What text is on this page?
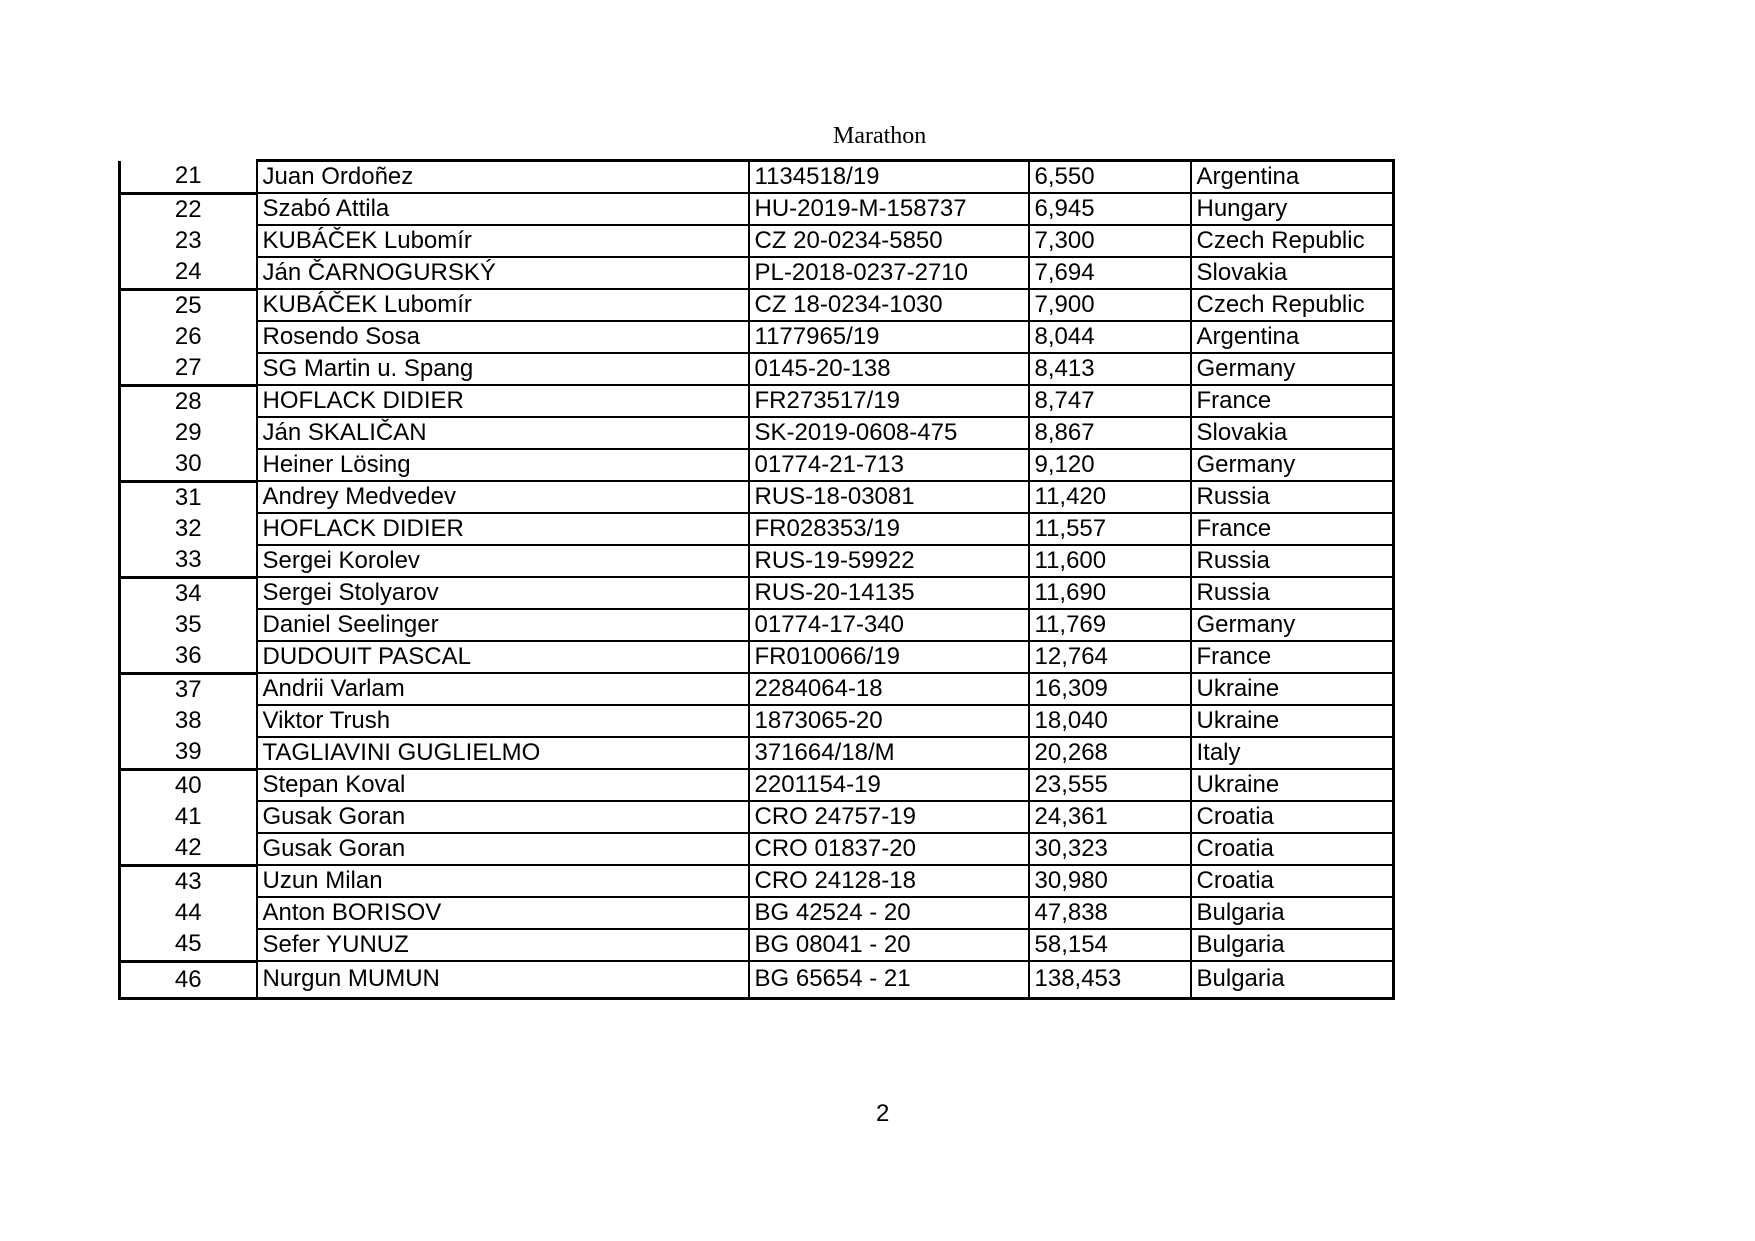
Marathon
21	Juan Ordoñez	1134518/19	6,550	Argentina
22	Szabó Attila	HU-2019-M-158737	6,945	Hungary
23	KUBÁČEK Lubomír	CZ 20-0234-5850	7,300	Czech Republic
24	Ján ČARNOGURSKÝ	PL-2018-0237-2710	7,694	Slovakia
25	KUBÁČEK Lubomír	CZ 18-0234-1030	7,900	Czech Republic
26	Rosendo Sosa	1177965/19	8,044	Argentina
27	SG Martin u. Spang	0145-20-138	8,413	Germany
28	HOFLACK DIDIER	FR273517/19	8,747	France
29	Ján SKALIČAN	SK-2019-0608-475	8,867	Slovakia
30	Heiner Lösing	01774-21-713	9,120	Germany
31	Andrey Medvedev	RUS-18-03081	11,420	Russia
32	HOFLACK DIDIER	FR028353/19	11,557	France
33	Sergei Korolev	RUS-19-59922	11,600	Russia
34	Sergei Stolyarov	RUS-20-14135	11,690	Russia
35	Daniel Seelinger	01774-17-340	11,769	Germany
36	DUDOUIT PASCAL	FR010066/19	12,764	France
37	Andrii Varlam	2284064-18	16,309	Ukraine
38	Viktor Trush	1873065-20	18,040	Ukraine
39	TAGLIAVINI GUGLIELMO	371664/18/M	20,268	Italy
40	Stepan Koval	2201154-19	23,555	Ukraine
41	Gusak Goran	CRO 24757-19	24,361	Croatia
42	Gusak Goran	CRO 01837-20	30,323	Croatia
43	Uzun Milan	CRO 24128-18	30,980	Croatia
44	Anton BORISOV	BG 42524 - 20	47,838	Bulgaria
45	Sefer YUNUZ	BG 08041 - 20	58,154	Bulgaria
46	Nurgun MUMUN	BG 65654 - 21	138,453	Bulgaria
2
